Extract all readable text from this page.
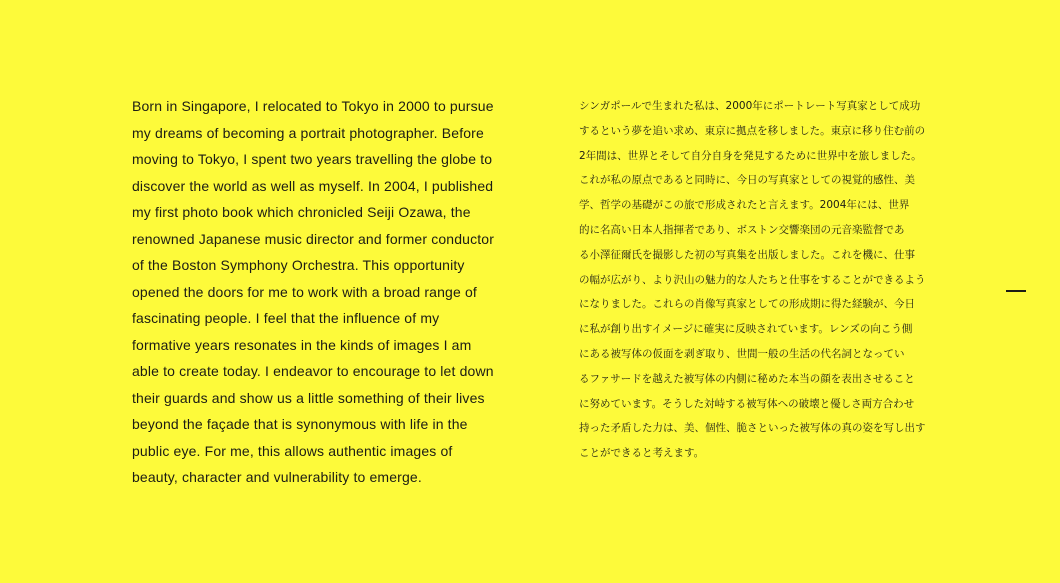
Born in Singapore, I relocated to Tokyo in 2000 to pursue
my dreams of becoming a portrait photographer. Before
moving to Tokyo, I spent two years travelling the globe to
discover the world as well as myself. In 2004, I published
my first photo book which chronicled Seiji Ozawa, the
renowned Japanese music director and former conductor
of the Boston Symphony Orchestra. This opportunity
opened the doors for me to work with a broad range of
fascinating people. I feel that the influence of my
formative years resonates in the kinds of images I am
able to create today. I endeavor to encourage to let down
their guards and show us a little something of their lives
beyond the façade that is synonymous with life in the
public eye. For me, this allows authentic images of
beauty, character and vulnerability to emerge.
シンガポールで生まれた私は、2000年にポートレート写真家として成功
するという夢を追い求め、東京に拠点を移しました。東京に移り住む前の
2年間は、世界とそして自分自身を発見するために世界中を旅しました。
これが私の原点であると同時に、今日の写真家としての視覚的感性、美
学、哲学の基礎がこの旅で形成されたと言えます。2004年には、世界
的に名高い日本人指揮者であり、ボストン交響楽団の元音楽監督であ
る小澤征爾氏を撮影した初の写真集を出版しました。これを機に、仕事
の幅が広がり、より沢山の魅力的な人たちと仕事をすることができるよう
になりました。これらの肖像写真家としての形成期に得た経験が、今日
に私が創り出すイメージに確実に反映されています。レンズの向こう側
にある被写体の仮面を剥ぎ取り、世間一般の生活の代名詞となってい
るファサードを越えた被写体の内側に秘めた本当の顔を表出させること
に努めています。そうした対峙する被写体への破壊と優しさ両方合わせ
持った矛盾した力は、美、個性、脆さといった被写体の真の姿を写し出す
ことができると考えます。
